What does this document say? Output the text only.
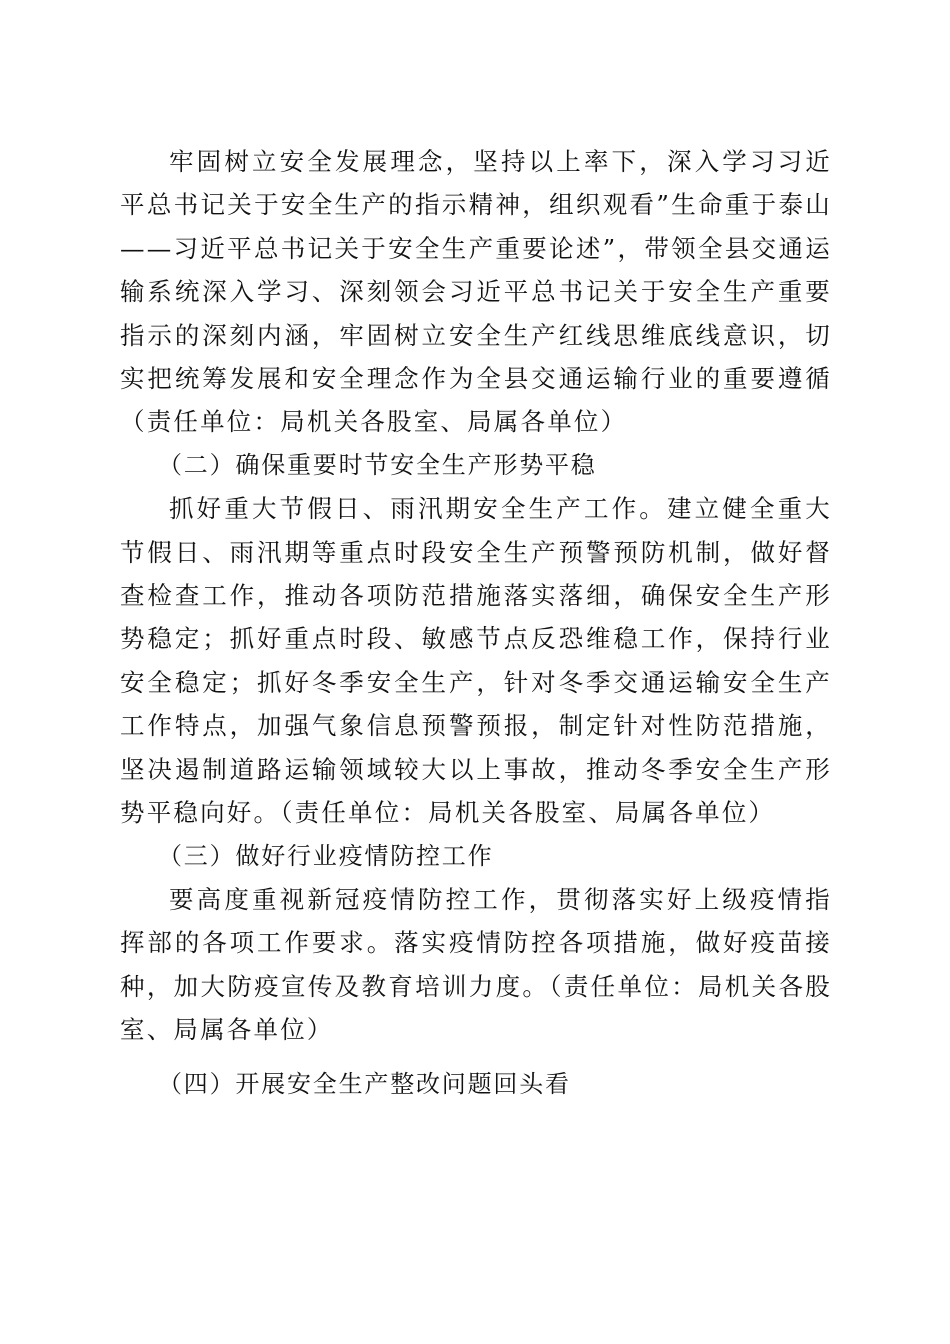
牢固树立安全发展理念，坚持以上率下，深入学习习近平总书记关于安全生产的指示精神，组织观看”生命重于泰山——习近平总书记关于安全生产重要论述”，带领全县交通运输系统深入学习、深刻领会习近平总书记关于安全生产重要指示的深刻内涵，牢固树立安全生产红线思维底线意识，切实把统筹发展和安全理念作为全县交通运输行业的重要遵循（责任单位：局机关各股室、局属各单位）

（二）确保重要时节安全生产形势平稳

抓好重大节假日、雨汛期安全生产工作。建立健全重大节假日、雨汛期等重点时段安全生产预警预防机制，做好督查检查工作，推动各项防范措施落实落细，确保安全生产形势稳定；抓好重点时段、敏感节点反恐维稳工作，保持行业安全稳定；抓好冬季安全生产，针对冬季交通运输安全生产工作特点，加强气象信息预警预报，制定针对性防范措施，坚决遏制道路运输领域较大以上事故，推动冬季安全生产形势平稳向好。（责任单位：局机关各股室、局属各单位）

（三）做好行业疫情防控工作

要高度重视新冠疫情防控工作，贯彻落实好上级疫情指挥部的各项工作要求。落实疫情防控各项措施，做好疫苗接种，加大防疫宣传及教育培训力度。（责任单位：局机关各股室、局属各单位）

（四）开展安全生产整改问题回头看
